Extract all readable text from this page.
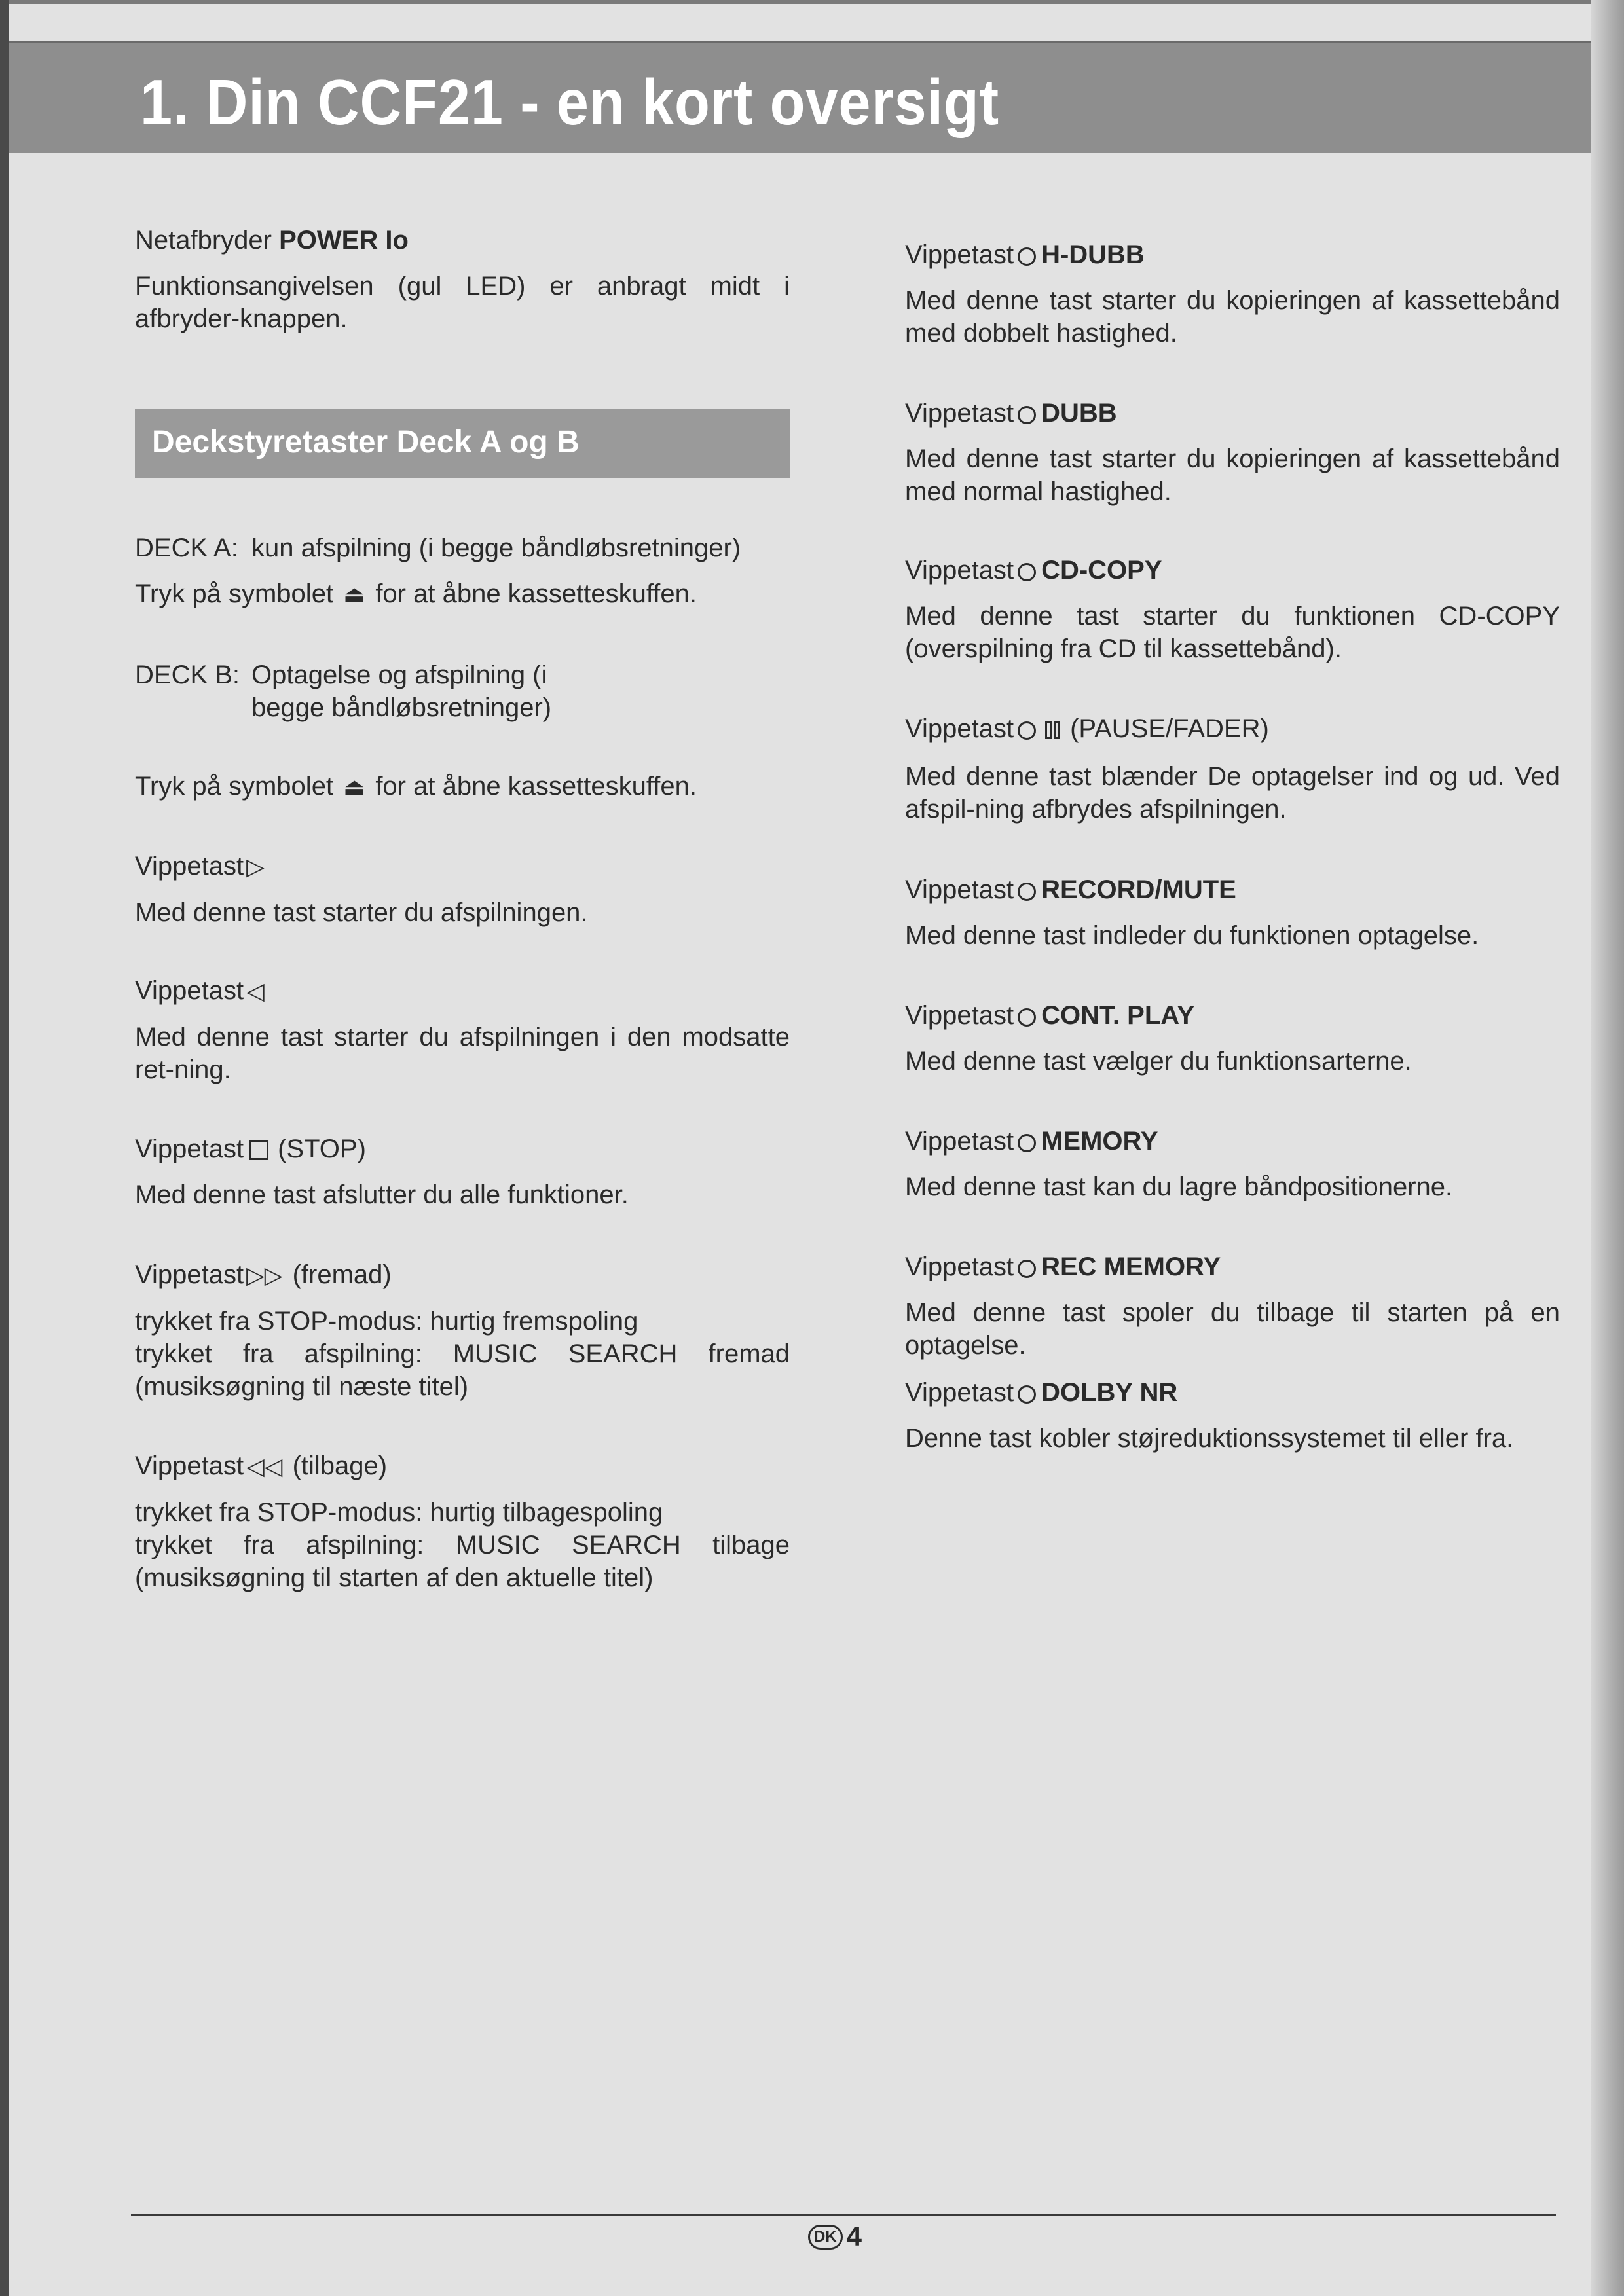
1. Din CCF21 - en kort oversigt
Netafbryder POWER Io
Funktionsangivelsen (gul LED) er anbragt midt i afbryder-knappen.
Deckstyretaster Deck A og B
DECK A: kun afspilning (i begge båndløbsretninger)
Tryk på symbolet ⏏ for at åbne kassetteskuffen.
DECK B: Optagelse og afspilning (i begge båndløbsretninger)
Tryk på symbolet ⏏ for at åbne kassetteskuffen.
Vippetast ▷
Med denne tast starter du afspilningen.
Vippetast ◁
Med denne tast starter du afspilningen i den modsatte ret-ning.
Vippetast (STOP)
Med denne tast afslutter du alle funktioner.
Vippetast ▷▷ (fremad)
trykket fra STOP-modus: hurtig fremspoling
trykket fra afspilning: MUSIC SEARCH fremad (musiksøgning til næste titel)
Vippetast ◁◁ (tilbage)
trykket fra STOP-modus: hurtig tilbagespoling
trykket fra afspilning: MUSIC SEARCH tilbage (musiksøgning til starten af den aktuelle titel)
Vippetast H-DUBB
Med denne tast starter du kopieringen af kassettebånd med dobbelt hastighed.
Vippetast DUBB
Med denne tast starter du kopieringen af kassettebånd med normal hastighed.
Vippetast CD-COPY
Med denne tast starter du funktionen CD-COPY (overspilning fra CD til kassettebånd).
Vippetast (PAUSE/FADER)
Med denne tast blænder De optagelser ind og ud. Ved afspil-ning afbrydes afspilningen.
Vippetast RECORD/MUTE
Med denne tast indleder du funktionen optagelse.
Vippetast CONT. PLAY
Med denne tast vælger du funktionsarterne.
Vippetast MEMORY
Med denne tast kan du lagre båndpositionerne.
Vippetast REC MEMORY
Med denne tast spoler du tilbage til starten på en optagelse.
Vippetast DOLBY NR
Denne tast kobler støjreduktionssystemet til eller fra.
DK 4
